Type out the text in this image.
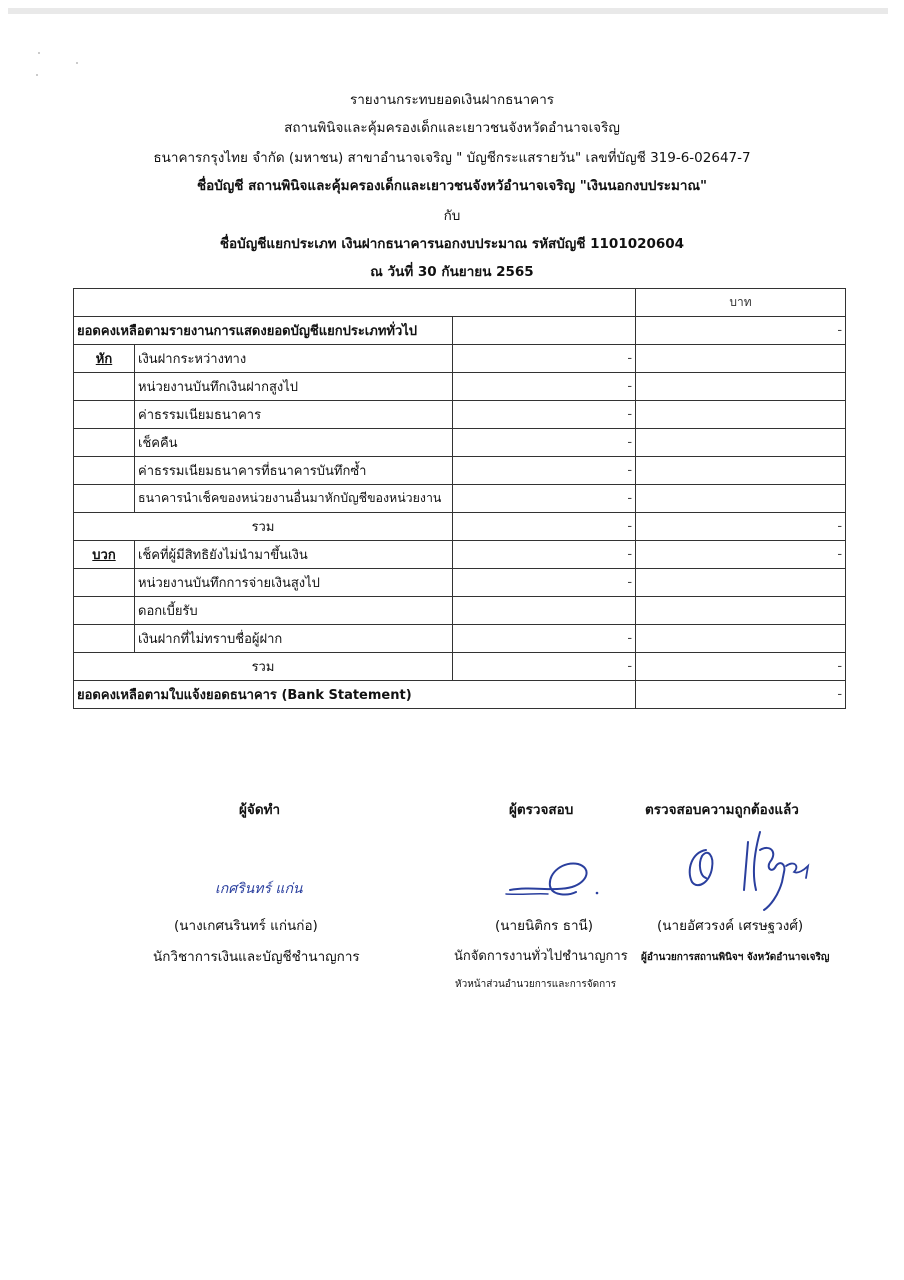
รายงานกระทบยอดเงินฝากธนาคาร
สถานพินิจและคุ้มครองเด็กและเยาวชนจังหวัดอำนาจเจริญ
ธนาคารกรุงไทย จำกัด (มหาชน) สาขาอำนาจเจริญ " บัญชีกระแสรายวัน" เลขที่บัญชี 319-6-02647-7
ชื่อบัญชี สถานพินิจและคุ้มครองเด็กและเยาวชนจังหวัอำนาจเจริญ "เงินนอกงบประมาณ"
กับ
ชื่อบัญชีแยกประเภท เงินฝากธนาคารนอกงบประมาณ รหัสบัญชี 1101020604
ณ วันที่ 30 กันยายน 2565
			บาท
ยอดคงเหลือตามรายงานการแสดงยอดบัญชีแยกประเภททั่วไป			-
หัก	เงินฝากระหว่างทาง	-	
	หน่วยงานบันทึกเงินฝากสูงไป	-	
	ค่าธรรมเนียมธนาคาร	-	
	เช็คคืน	-	
	ค่าธรรมเนียมธนาคารที่ธนาคารบันทึกซ้ำ	-	
	ธนาคารนำเช็คของหน่วยงานอื่นมาหักบัญชีของหน่วยงาน	-	
รวม		-	-
บวก	เช็คที่ผู้มีสิทธิยังไม่นำมาขึ้นเงิน	-	-
	หน่วยงานบันทึกการจ่ายเงินสูงไป	-	
	ดอกเบี้ยรับ		
	เงินฝากที่ไม่ทราบชื่อผู้ฝาก	-	
รวม		-	-
ยอดคงเหลือตามใบแจ้งยอดธนาคาร (Bank Statement)			-
ผู้จัดทำ	ผู้ตรวจสอบ	ตรวจสอบความถูกต้องแล้ว
เกศรินทร์ แก่น
(นางเกศนรินทร์ แก่นก่อ)	(นายนิติกร ธานี)	(นายอัศวรงค์ เศรษฐวงศ์)
นักวิชาการเงินและบัญชีชำนาญการ	นักจัดการงานทั่วไปชำนาญการ ผู้อำนวยการสถานพินิจฯ จังหวัดอำนาจเจริญ
หัวหน้าส่วนอำนวยการและการจัดการ
